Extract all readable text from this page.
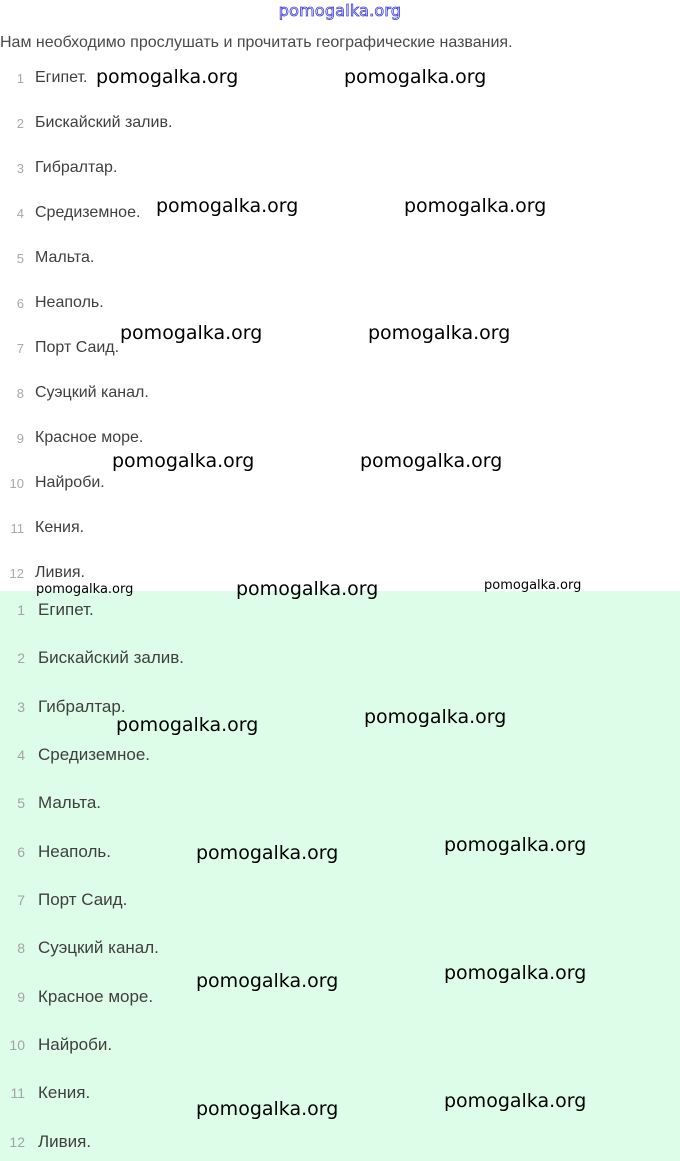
pomogalka.org
Нам необходимо прослушать и прочитать географические названия.
1 Египет.
2 Бискайский залив.
3 Гибралтар.
4 Средиземное.
5 Мальта.
6 Неаполь.
7 Порт Саид.
8 Суэцкий канал.
9 Красное море.
10 Найроби.
11 Кения.
12 Ливия.
1 Египет.
2 Бискайский залив.
3 Гибралтар.
4 Средиземное.
5 Мальта.
6 Неаполь.
7 Порт Саид.
8 Суэцкий канал.
9 Красное море.
10 Найроби.
11 Кения.
12 Ливия.
pomogalka.org	pomogalka.org
pomogalka.org	pomogalka.org
pomogalka.org	pomogalka.org
pomogalka.org	pomogalka.org
pomogalka.org	pomogalka.org	pomogalka.org
pomogalka.org	pomogalka.org
pomogalka.org	pomogalka.org
pomogalka.org	pomogalka.org
pomogalka.org	pomogalka.org
